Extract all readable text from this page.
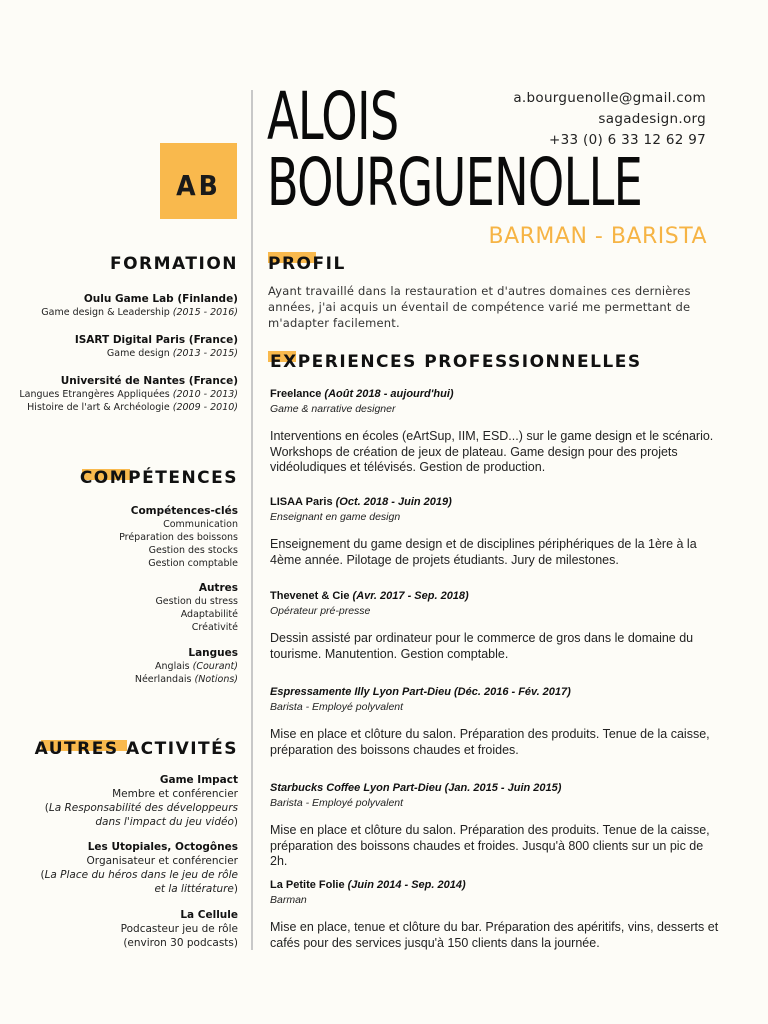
AB
ALOIS
BOURGUENOLLE
BARMAN - BARISTA
a.bourguenolle@gmail.com
sagadesign.org
+33 (0) 6 33 12 62 97
FORMATION
Oulu Game Lab (Finlande)
Game design & Leadership (2015 - 2016)
ISART Digital Paris (France)
Game design (2013 - 2015)
Université de Nantes (France)
Langues Etrangères Appliquées (2010 - 2013)
Histoire de l'art & Archéologie (2009 - 2010)
COMPÉTENCES
Compétences-clés
Communication
Préparation des boissons
Gestion des stocks
Gestion comptable
Autres
Gestion du stress
Adaptabilité
Créativité
Langues
Anglais (Courant)
Néerlandais (Notions)
AUTRES ACTIVITÉS
Game Impact
Membre et conférencier
(La Responsabilité des développeurs
dans l'impact du jeu vidéo)
Les Utopiales, Octogônes
Organisateur et conférencier
(La Place du héros dans le jeu de rôle
et la littérature)
La Cellule
Podcasteur jeu de rôle
(environ 30 podcasts)
PROFIL
Ayant travaillé dans la restauration et d'autres domaines ces dernières années, j'ai acquis un éventail de compétence varié me permettant de m'adapter facilement.
EXPERIENCES PROFESSIONNELLES
Freelance (Août 2018 - aujourd'hui)
Game & narrative designer
Interventions en écoles (eArtSup, IIM, ESD...) sur le game design et le scénario. Workshops de création de jeux de plateau. Game design pour des projets vidéoludiques et télévisés. Gestion de production.
LISAA Paris (Oct. 2018 - Juin 2019)
Enseignant en game design
Enseignement du game design et de disciplines périphériques de la 1ère à la 4ème année. Pilotage de projets étudiants. Jury de milestones.
Thevenet & Cie (Avr. 2017 - Sep. 2018)
Opérateur pré-presse
Dessin assisté par ordinateur pour le commerce de gros dans le domaine du tourisme. Manutention. Gestion comptable.
Espressamente Illy Lyon Part-Dieu (Déc. 2016 - Fév. 2017)
Barista - Employé polyvalent
Mise en place et clôture du salon. Préparation des produits. Tenue de la caisse, préparation des boissons chaudes et froides.
Starbucks Coffee Lyon Part-Dieu (Jan. 2015 - Juin 2015)
Barista - Employé polyvalent
Mise en place et clôture du salon. Préparation des produits. Tenue de la caisse, préparation des boissons chaudes et froides. Jusqu'à 800 clients sur un pic de 2h.
La Petite Folie (Juin 2014 - Sep. 2014)
Barman
Mise en place, tenue et clôture du bar. Préparation des apéritifs, vins, desserts et cafés pour des services jusqu'à 150 clients dans la journée.
